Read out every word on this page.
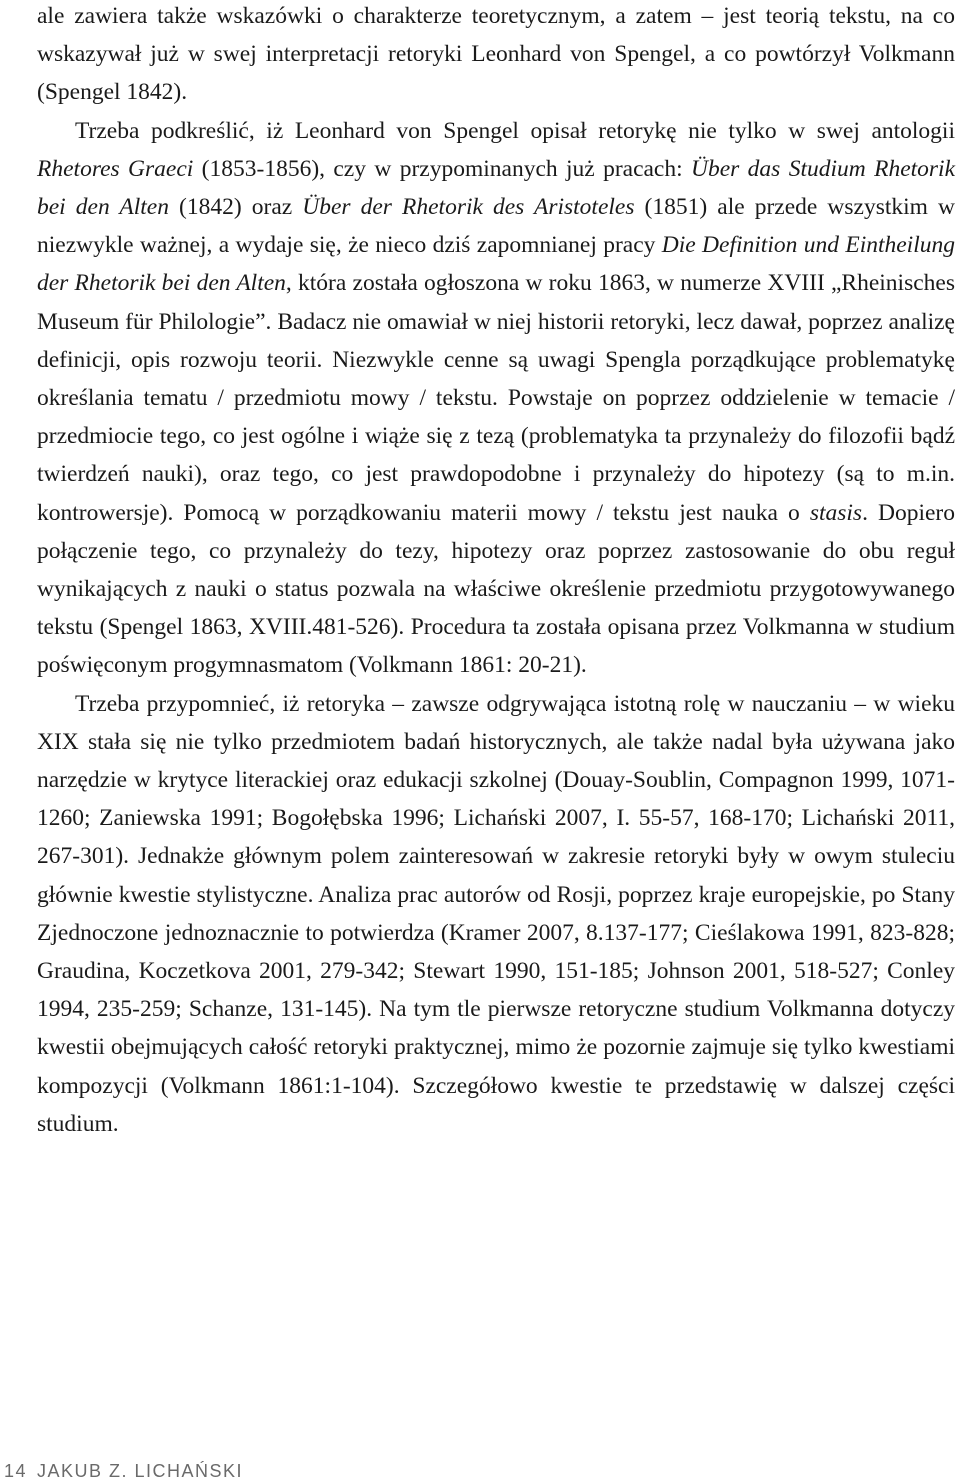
ale zawiera także wskazówki o charakterze teoretycznym, a zatem – jest teorią tekstu, na co wskazywał już w swej interpretacji retoryki Leonhard von Spengel, a co powtórzył Volkmann (Spengel 1842).

Trzeba podkreślić, iż Leonhard von Spengel opisał retorykę nie tylko w swej antologii Rhetores Graeci (1853-1856), czy w przypominanych już pracach: Über das Studium Rhetorik bei den Alten (1842) oraz Über der Rhetorik des Aristoteles (1851) ale przede wszystkim w niezwykle ważnej, a wydaje się, że nieco dziś zapomnianej pracy Die Definition und Eintheilung der Rhetorik bei den Alten, która została ogłoszona w roku 1863, w numerze XVIII „Rheinisches Museum für Philologie”. Badacz nie omawiał w niej historii retoryki, lecz dawał, poprzez analizę definicji, opis rozwoju teorii. Niezwykle cenne są uwagi Spengla porządkujące problematykę określania tematu / przedmiotu mowy / tekstu. Powstaje on poprzez oddzielenie w temacie / przedmiocie tego, co jest ogólne i wiąże się z tezą (problematyka ta przynależy do filozofii bądź twierdzeń nauki), oraz tego, co jest prawdopodobne i przynależy do hipotezy (są to m.in. kontrowersje). Pomocą w porządkowaniu materii mowy / tekstu jest nauka o stasis. Dopiero połączenie tego, co przynależy do tezy, hipotezy oraz poprzez zastosowanie do obu reguł wynikających z nauki o status pozwala na właściwe określenie przedmiotu przygotowywanego tekstu (Spengel 1863, XVIII.481-526). Procedura ta została opisana przez Volkmanna w studium poświęconym progymnasmatom (Volkmann 1861: 20-21).

Trzeba przypomnieć, iż retoryka – zawsze odgrywająca istotną rolę w nauczaniu – w wieku XIX stała się nie tylko przedmiotem badań historycznych, ale także nadal była używana jako narzędzie w krytyce literackiej oraz edukacji szkolnej (Douay-Soublin, Compagnon 1999, 1071-1260; Zaniewska 1991; Bogołębska 1996; Lichański 2007, I. 55-57, 168-170; Lichański 2011, 267-301). Jednakże głównym polem zainteresowań w zakresie retoryki były w owym stuleciu głównie kwestie stylistyczne. Analiza prac autorów od Rosji, poprzez kraje europejskie, po Stany Zjednoczone jednoznacznie to potwierdza (Kramer 2007, 8.137-177; Cieślakowa 1991, 823-828; Graudina, Koczetkova 2001, 279-342; Stewart 1990, 151-185; Johnson 2001, 518-527; Conley 1994, 235-259; Schanze, 131-145). Na tym tle pierwsze retoryczne studium Volkmanna dotyczy kwestii obejmujących całość retoryki praktycznej, mimo że pozornie zajmuje się tylko kwestiami kompozycji (Volkmann 1861:1-104). Szczegółowo kwestie te przedstawię w dalszej części studium.

14 JAKUB Z. LICHAŃSKI
